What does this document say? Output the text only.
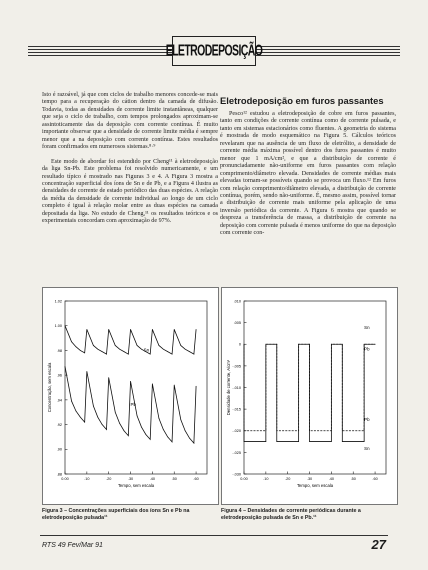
ELETRODEPOSIÇÃO

Isto é razoável, já que com ciclos de trabalho menores concede-se mais tempo para a recuperação do cátion dentro da camada de difusão. Todavia, todas as densidades de corrente limite instantâneas, qualquer que seja o ciclo de trabalho, com tempos prolongados aproximam-se assintoticamente das da deposição com corrente contínua. É muito importante observar que a densidade de corrente limite média é sempre menor que a na deposição com corrente contínua. Estes resultados foram confirmados em numerosos sistemas.⁸·⁹

Este modo de abordar foi estendido por Cheng¹¹ à eletrodeposição da liga Sn-Pb. Este problema foi resolvido numericamente, e um resultado típico é mostrado nas Figuras 3 e 4. A Figura 3 mostra a concentração superficial dos íons de Sn e de Pb, e a Figura 4 ilustra as densidades de corrente de estado periódico das duas espécies. A relação da média da densidade de corrente individual ao longo de um ciclo completo é igual à relação molar entre as duas espécies na camada depositada da liga. No estudo de Cheng,¹¹ os resultados teóricos e os experimentais concordam com aproximação de 97%.

Eletrodeposição em furos passantes

Pesco¹² estudou a eletrodeposição de cobre em furos passantes, tanto em condições de corrente contínua como de corrente pulsada, e tanto em sistemas estacionários como fluentes. A geometria do sistema é mostrada de modo esquemático na Figura 5. Cálculos teóricos revelaram que na ausência de um fluxo de eletrólito, a densidade de corrente média máxima possível dentro dos furos passantes é muito menor que 1 mA/cm², e que a distribuição de corrente é pronunciadamente não-uniforme em furos passantes com relação comprimento/diâmetro elevada. Densidades de corrente médias mais elevadas tornam-se possíveis quando se provoca um fluxo.¹² Em furos com relação comprimento/diâmetro elevada, a distribuição de corrente contínua, porém, sendo não-uniforme. É, mesmo assim, possível tornar a distribuição de corrente mais uniforme pela aplicação de uma inversão periódica da corrente. A Figura 6 mostra que quando se despreza a transferência de massa, a distribuição de corrente na deposição com corrente pulsada é menos uniforme do que na deposição com corrente con-

1.02
1.00
.98
.96
.94
.92
.90
.88
0.00	.10	.20	.30	.40	.50	.60
Tempo, sem escala
Concentração, sem escala
Sn
Pb
.010
.005
0
-.005
-.010
-.015
-.020
-.025
-.030
0.00	.10	.20	.30	.40	.50	.60
Tempo, sem escala
Densidade de corrente, A/cm²
Sn
Pb
Sn
Pb
Figura 3 – Concentrações superficiais dos íons Sn e Pb na eletrodeposição pulsada¹¹
Figura 4 – Densidades de corrente periódicas durante a eletrodeposição pulsada de Sn e Pb.¹¹
RTS 49 Fev/Mar 91	27
